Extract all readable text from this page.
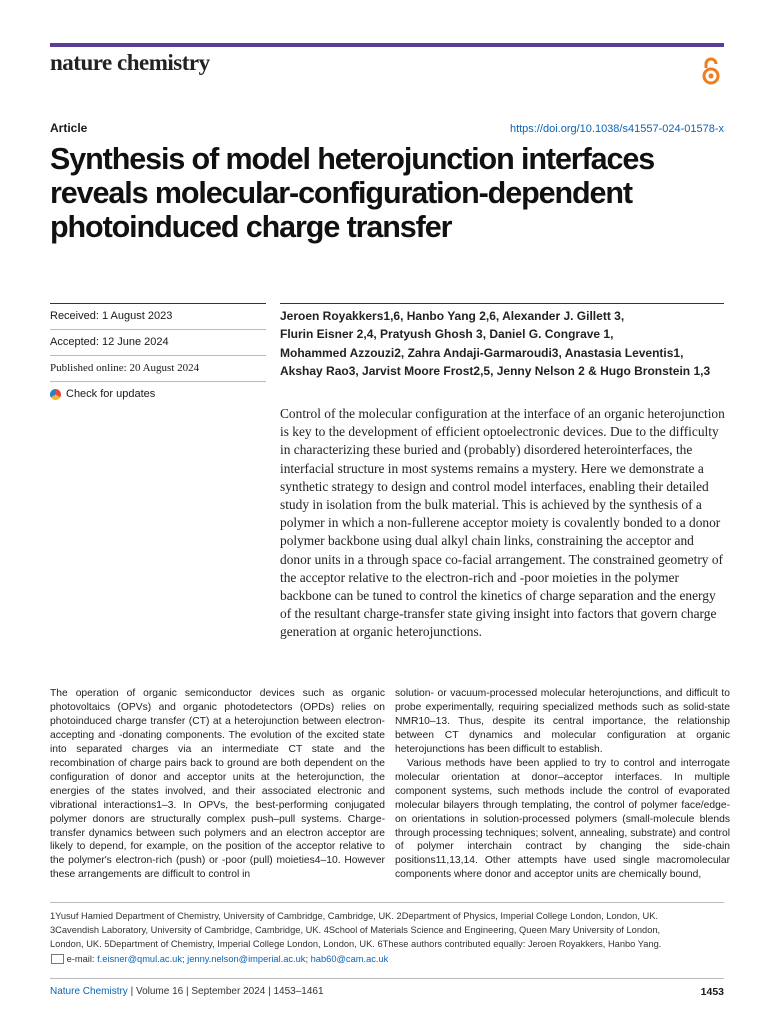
nature chemistry
Article	https://doi.org/10.1038/s41557-024-01578-x
Synthesis of model heterojunction interfaces reveals molecular-configuration-dependent photoinduced charge transfer
Received: 1 August 2023
Accepted: 12 June 2024
Published online: 20 August 2024
Check for updates
Jeroen Royakkers1,6, Hanbo Yang 2,6, Alexander J. Gillett 3,
Flurin Eisner 2,4, Pratyush Ghosh 3, Daniel G. Congrave 1,
Mohammed Azzouzi2, Zahra Andaji-Garmaroudi3, Anastasia Leventis1,
Akshay Rao3, Jarvist Moore Frost2,5, Jenny Nelson 2 & Hugo Bronstein 1,3
Control of the molecular configuration at the interface of an organic heterojunction is key to the development of efficient optoelectronic devices. Due to the difficulty in characterizing these buried and (probably) disordered heterointerfaces, the interfacial structure in most systems remains a mystery. Here we demonstrate a synthetic strategy to design and control model interfaces, enabling their detailed study in isolation from the bulk material. This is achieved by the synthesis of a polymer in which a non-fullerene acceptor moiety is covalently bonded to a donor polymer backbone using dual alkyl chain links, constraining the acceptor and donor units in a through space co-facial arrangement. The constrained geometry of the acceptor relative to the electron-rich and -poor moieties in the polymer backbone can be tuned to control the kinetics of charge separation and the energy of the resultant charge-transfer state giving insight into factors that govern charge generation at organic heterojunctions.

The operation of organic semiconductor devices such as organic photovoltaics (OPVs) and organic photodetectors (OPDs) relies on photoinduced charge transfer (CT) at a heterojunction between electron-accepting and -donating components. The evolution of the excited state into separated charges via an intermediate CT state and the recombination of charge pairs back to ground are both dependent on the configuration of donor and acceptor units at the heterojunction, the energies of the states involved, and their associated electronic and vibrational interactions1–3. In OPVs, the best-performing conjugated polymer donors are structurally complex push–pull systems. Charge-transfer dynamics between such polymers and an electron acceptor are likely to depend, for example, on the position of the acceptor relative to the polymer's electron-rich (push) or -poor (pull) moieties4–10. However these arrangements are difficult to control in

solution- or vacuum-processed molecular heterojunctions, and difficult to probe experimentally, requiring specialized methods such as solid-state NMR10–13. Thus, despite its central importance, the relationship between CT dynamics and molecular configuration at organic heterojunctions has been difficult to establish.

Various methods have been applied to try to control and interrogate molecular orientation at donor–acceptor interfaces. In multiple component systems, such methods include the control of evaporated molecular bilayers through templating, the control of polymer face/edge-on orientations in solution-processed polymers (small-molecule blends through processing techniques; solvent, annealing, substrate) and control of polymer interchain contract by changing the side-chain positions11,13,14. Other attempts have used single macromolecular components where donor and acceptor units are chemically bound,

1Yusuf Hamied Department of Chemistry, University of Cambridge, Cambridge, UK. 2Department of Physics, Imperial College London, London, UK.
3Cavendish Laboratory, University of Cambridge, Cambridge, UK. 4School of Materials Science and Engineering, Queen Mary University of London,
London, UK. 5Department of Chemistry, Imperial College London, London, UK. 6These authors contributed equally: Jeroen Royakkers, Hanbo Yang.
e-mail: f.eisner@qmul.ac.uk; jenny.nelson@imperial.ac.uk; hab60@cam.ac.uk
Nature Chemistry | Volume 16 | September 2024 | 1453–1461	1453
